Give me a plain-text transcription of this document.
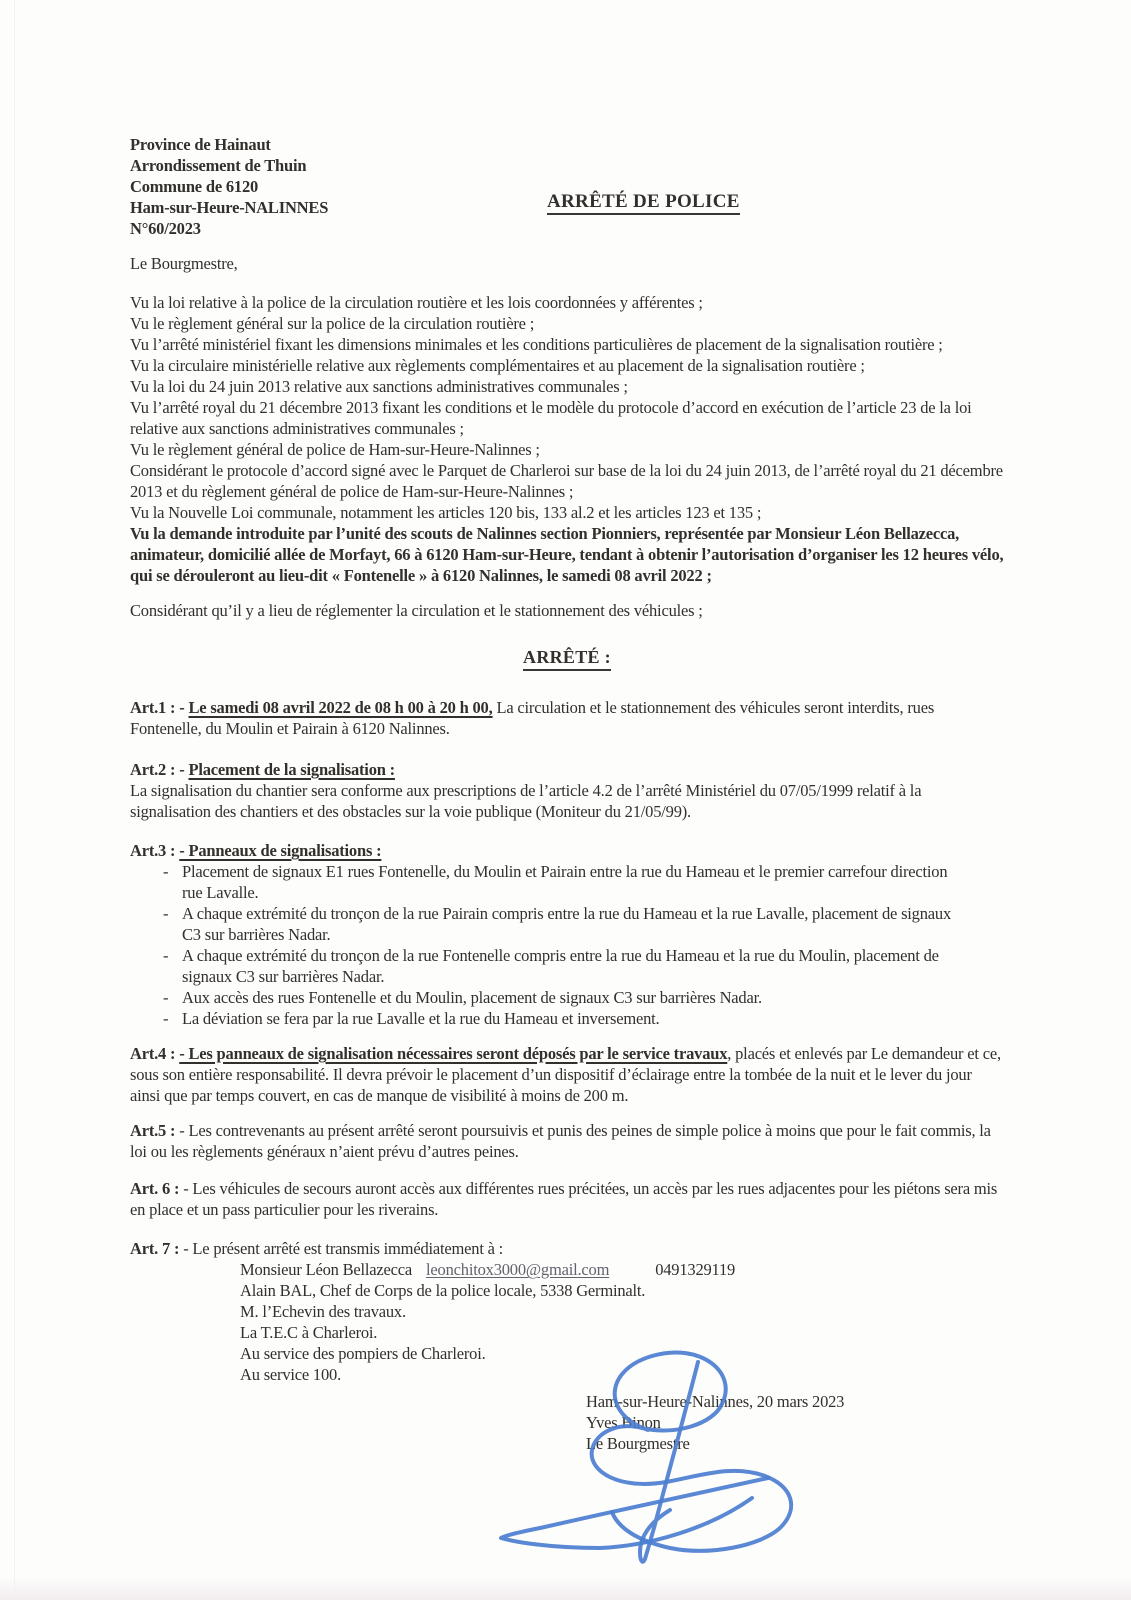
Province de Hainaut
Arrondissement de Thuin
Commune de 6120
Ham-sur-Heure-NALINNES
N°60/2023
ARRÊTÉ DE POLICE

Le Bourgmestre,

Vu la loi relative à la police de la circulation routière et les lois coordonnées y afférentes ;

Vu le règlement général sur la police de la circulation routière ;

Vu l’arrêté ministériel fixant les dimensions minimales et les conditions particulières de placement de la signalisation routière ;

Vu la circulaire ministérielle relative aux règlements complémentaires et au placement de la signalisation routière ;

Vu la loi du 24 juin 2013 relative aux sanctions administratives communales ;

Vu l’arrêté royal du 21 décembre 2013 fixant les conditions et le modèle du protocole d’accord en exécution de l’article 23 de la loi relative aux sanctions administratives communales ;

Vu le règlement général de police de Ham-sur-Heure-Nalinnes ;

Considérant le protocole d’accord signé avec le Parquet de Charleroi sur base de la loi du 24 juin 2013, de l’arrêté royal du 21 décembre 2013 et du règlement général de police de Ham-sur-Heure-Nalinnes ;

Vu la Nouvelle Loi communale, notamment les articles 120 bis, 133 al.2 et les articles 123 et 135 ;

Vu la demande introduite par l’unité des scouts de Nalinnes section Pionniers, représentée par Monsieur Léon Bellazecca, animateur, domicilié allée de Morfayt, 66 à 6120 Ham-sur-Heure, tendant à obtenir l’autorisation d’organiser les 12 heures vélo, qui se dérouleront au lieu-dit « Fontenelle » à 6120 Nalinnes, le samedi 08 avril 2022 ;

Considérant qu’il y a lieu de réglementer la circulation et le stationnement des véhicules ;

ARRÊTÉ :

Art.1 : - Le samedi 08 avril 2022 de 08 h 00 à 20 h 00, La circulation et le stationnement des véhicules seront interdits, rues Fontenelle, du Moulin et Pairain à 6120 Nalinnes.

Art.2 : - Placement de la signalisation :

La signalisation du chantier sera conforme aux prescriptions de l’article 4.2 de l’arrêté Ministériel du 07/05/1999 relatif à la signalisation des chantiers et des obstacles sur la voie publique (Moniteur du 21/05/99).

Art.3 : - Panneaux de signalisations :

- Placement de signaux E1 rues Fontenelle, du Moulin et Pairain entre la rue du Hameau et le premier carrefour direction rue Lavalle.
- A chaque extrémité du tronçon de la rue Pairain compris entre la rue du Hameau et la rue Lavalle, placement de signaux C3 sur barrières Nadar.
- A chaque extrémité du tronçon de la rue Fontenelle compris entre la rue du Hameau et la rue du Moulin, placement de signaux C3 sur barrières Nadar.
- Aux accès des rues Fontenelle et du Moulin, placement de signaux C3 sur barrières Nadar.
- La déviation se fera par la rue Lavalle et la rue du Hameau et inversement.

Art.4 : - Les panneaux de signalisation nécessaires seront déposés par le service travaux, placés et enlevés par Le demandeur et ce, sous son entière responsabilité. Il devra prévoir le placement d’un dispositif d’éclairage entre la tombée de la nuit et le lever du jour ainsi que par temps couvert, en cas de manque de visibilité à moins de 200 m.

Art.5 : - Les contrevenants au présent arrêté seront poursuivis et punis des peines de simple police à moins que pour le fait commis, la loi ou les règlements généraux n’aient prévu d’autres peines.

Art. 6 : - Les véhicules de secours auront accès aux différentes rues précitées, un accès par les rues adjacentes pour les piétons sera mis en place et un pass particulier pour les riverains.

Art. 7 : - Le présent arrêté est transmis immédiatement à :

Monsieur Léon Bellazecca leonchitox3000@gmail.com	0491329119

Alain BAL, Chef de Corps de la police locale, 5338 Germinalt.

M. l’Echevin des travaux.

La T.E.C à Charleroi.

Au service des pompiers de Charleroi.

Au service 100.

Ham-sur-Heure-Nalinnes, 20 mars 2023

Yves Binon

Le Bourgmestre
